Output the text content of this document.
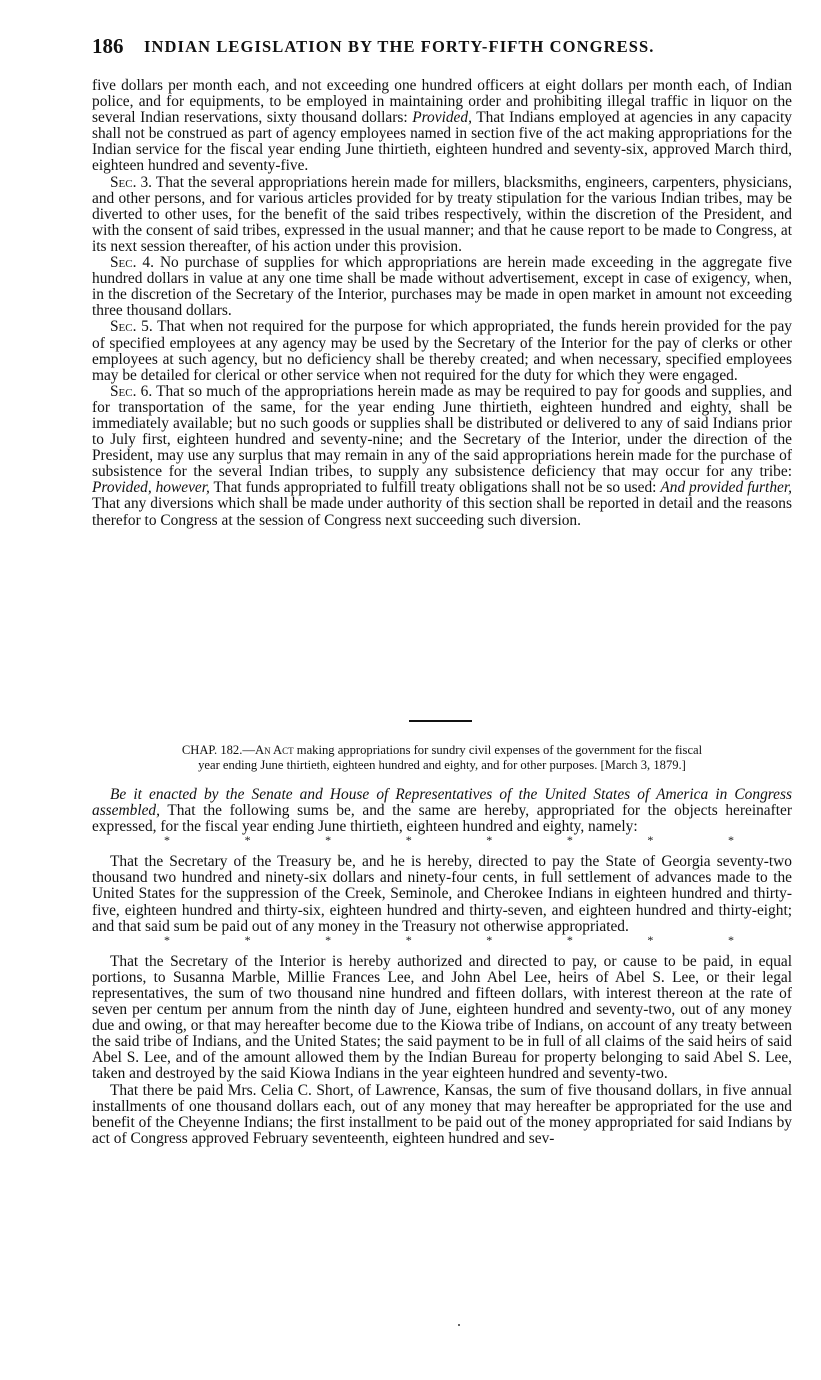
186 INDIAN LEGISLATION BY THE FORTY-FIFTH CONGRESS.

five dollars per month each, and not exceeding one hundred officers at eight dollars per month each, of Indian police, and for equipments, to be employed in maintaining order and prohibiting illegal traffic in liquor on the several Indian reservations, sixty thousand dollars: Provided, That Indians employed at agencies in any capacity shall not be construed as part of agency employees named in section five of the act making appropriations for the Indian service for the fiscal year ending June thirtieth, eighteen hundred and seventy-six, approved March third, eighteen hundred and seventy-five.

Sec. 3. That the several appropriations herein made for millers, blacksmiths, engineers, carpenters, physicians, and other persons, and for various articles provided for by treaty stipulation for the various Indian tribes, may be diverted to other uses, for the benefit of the said tribes respectively, within the discretion of the President, and with the consent of said tribes, expressed in the usual manner; and that he cause report to be made to Congress, at its next session thereafter, of his action under this provision.

Sec. 4. No purchase of supplies for which appropriations are herein made exceeding in the aggregate five hundred dollars in value at any one time shall be made without advertisement, except in case of exigency, when, in the discretion of the Secretary of the Interior, purchases may be made in open market in amount not exceeding three thousand dollars.

Sec. 5. That when not required for the purpose for which appropriated, the funds herein provided for the pay of specified employees at any agency may be used by the Secretary of the Interior for the pay of clerks or other employees at such agency, but no deficiency shall be thereby created; and when necessary, specified employees may be detailed for clerical or other service when not required for the duty for which they were engaged.

Sec. 6. That so much of the appropriations herein made as may be required to pay for goods and supplies, and for transportation of the same, for the year ending June thirtieth, eighteen hundred and eighty, shall be immediately available; but no such goods or supplies shall be distributed or delivered to any of said Indians prior to July first, eighteen hundred and seventy-nine; and the Secretary of the Interior, under the direction of the President, may use any surplus that may remain in any of the said appropriations herein made for the purchase of subsistence for the several Indian tribes, to supply any subsistence deficiency that may occur for any tribe: Provided, however, That funds appropriated to fulfill treaty obligations shall not be so used: And provided further, That any diversions which shall be made under authority of this section shall be reported in detail and the reasons therefor to Congress at the session of Congress next succeeding such diversion.

CHAP. 182.—An Act making appropriations for sundry civil expenses of the government for the fiscal
year ending June thirtieth, eighteen hundred and eighty, and for other purposes. [March 3, 1879.]

Be it enacted by the Senate and House of Representatives of the United States of America in Congress assembled, That the following sums be, and the same are hereby, appropriated for the objects hereinafter expressed, for the fiscal year ending June thirtieth, eighteen hundred and eighty, namely:

*	*	*	*	*	*	*	*

That the Secretary of the Treasury be, and he is hereby, directed to pay the State of Georgia seventy-two thousand two hundred and ninety-six dollars and ninety-four cents, in full settlement of advances made to the United States for the suppression of the Creek, Seminole, and Cherokee Indians in eighteen hundred and thirty-five, eighteen hundred and thirty-six, eighteen hundred and thirty-seven, and eighteen hundred and thirty-eight; and that said sum be paid out of any money in the Treasury not otherwise appropriated.

*	*	*	*	*	*	*	*

That the Secretary of the Interior is hereby authorized and directed to pay, or cause to be paid, in equal portions, to Susanna Marble, Millie Frances Lee, and John Abel Lee, heirs of Abel S. Lee, or their legal representatives, the sum of two thousand nine hundred and fifteen dollars, with interest thereon at the rate of seven per centum per annum from the ninth day of June, eighteen hundred and seventy-two, out of any money due and owing, or that may hereafter become due to the Kiowa tribe of Indians, on account of any treaty between the said tribe of Indians, and the United States; the said payment to be in full of all claims of the said heirs of said Abel S. Lee, and of the amount allowed them by the Indian Bureau for property belonging to said Abel S. Lee, taken and destroyed by the said Kiowa Indians in the year eighteen hundred and seventy-two.

That there be paid Mrs. Celia C. Short, of Lawrence, Kansas, the sum of five thousand dollars, in five annual installments of one thousand dollars each, out of any money that may hereafter be appropriated for the use and benefit of the Cheyenne Indians; the first installment to be paid out of the money appropriated for said Indians by act of Congress approved February seventeenth, eighteen hundred and sev-
